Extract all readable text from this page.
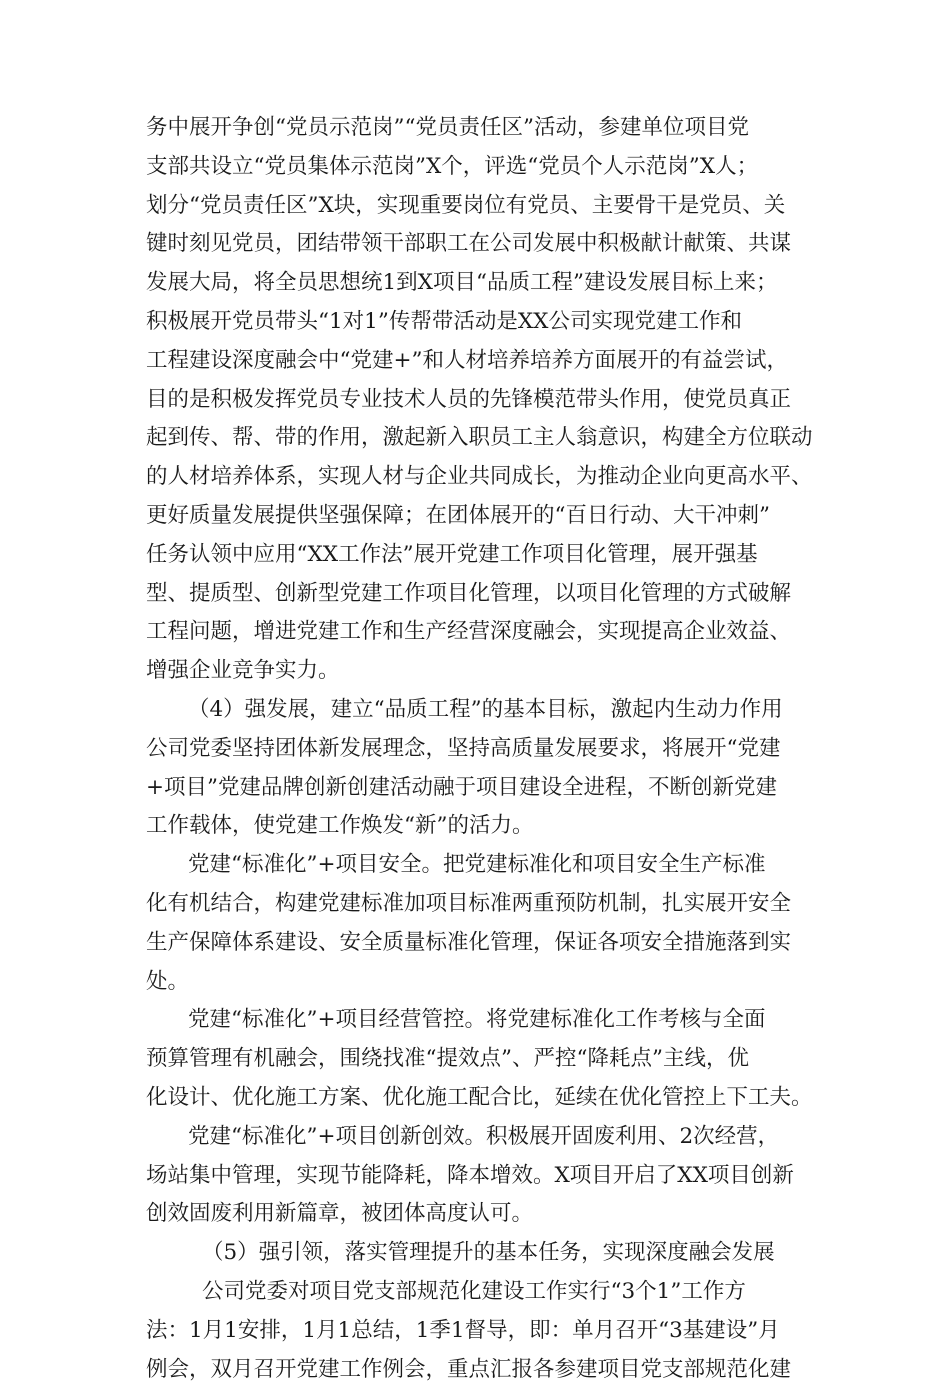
务中展开争创“党员示范岗”“党员责任区”活动，参建单位项目党
支部共设立“党员集体示范岗”X个，评选“党员个人示范岗”X人；
划分“党员责任区”X块，实现重要岗位有党员、主要骨干是党员、关
键时刻见党员，团结带领干部职工在公司发展中积极献计献策、共谋
发展大局，将全员思想统1到X项目“品质工程”建设发展目标上来；
积极展开党员带头“1对1”传帮带活动是XX公司实现党建工作和
工程建设深度融会中“党建+”和人材培养培养方面展开的有益尝试，
目的是积极发挥党员专业技术人员的先锋模范带头作用，使党员真正
起到传、帮、带的作用，激起新入职员工主人翁意识，构建全方位联动
的人材培养体系，实现人材与企业共同成长，为推动企业向更高水平、
更好质量发展提供坚强保障；在团体展开的“百日行动、大干冲刺”
任务认领中应用“XX工作法”展开党建工作项目化管理，展开强基
型、提质型、创新型党建工作项目化管理，以项目化管理的方式破解
工程问题，增进党建工作和生产经营深度融会，实现提高企业效益、
增强企业竞争实力。
（4）强发展，建立“品质工程”的基本目标，激起内生动力作用
公司党委坚持团体新发展理念，坚持高质量发展要求，将展开“党建
+项目”党建品牌创新创建活动融于项目建设全进程，不断创新党建
工作载体，使党建工作焕发“新”的活力。
党建“标准化”+项目安全。把党建标准化和项目安全生产标准
化有机结合，构建党建标准加项目标准两重预防机制，扎实展开安全
生产保障体系建设、安全质量标准化管理，保证各项安全措施落到实
处。
党建“标准化”+项目经营管控。将党建标准化工作考核与全面
预算管理有机融会，围绕找准“提效点”、严控“降耗点”主线，优
化设计、优化施工方案、优化施工配合比，延续在优化管控上下工夫。
党建“标准化”+项目创新创效。积极展开固废利用、2次经营，
场站集中管理，实现节能降耗，降本增效。X项目开启了XX项目创新
创效固废利用新篇章，被团体高度认可。
（5）强引领，落实管理提升的基本任务，实现深度融会发展
公司党委对项目党支部规范化建设工作实行“3个1”工作方
法：1月1安排，1月1总结，1季1督导，即：单月召开“3基建设”月
例会，双月召开党建工作例会，重点汇报各参建项目党支部规范化建
